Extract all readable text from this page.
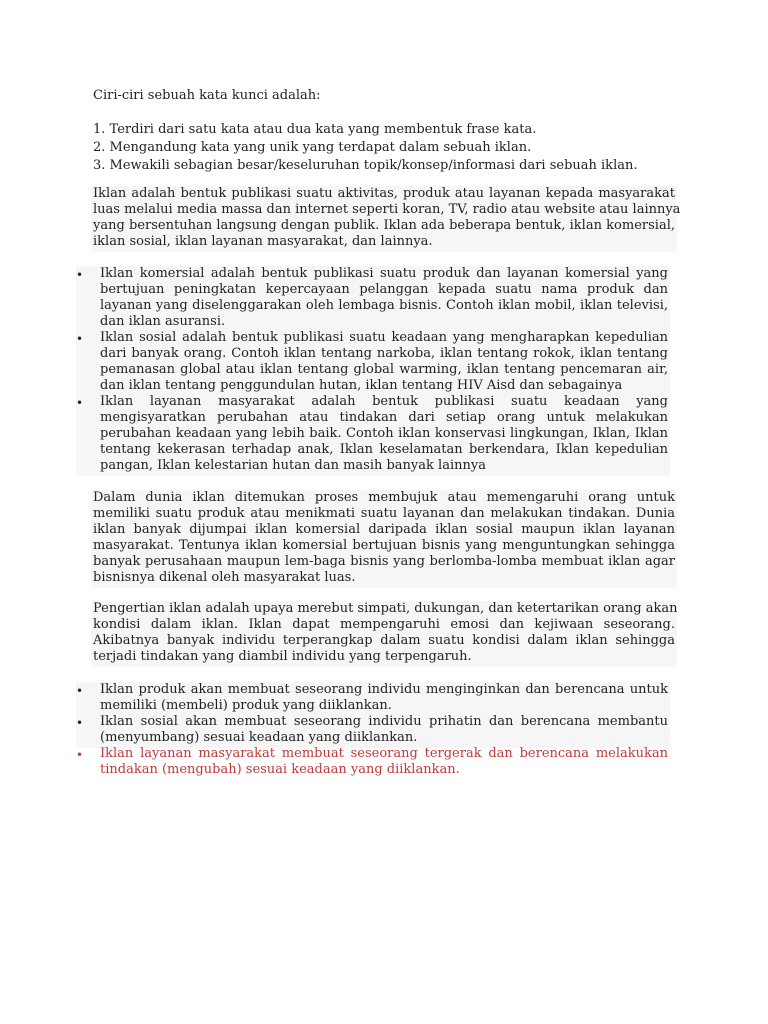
Ciri-ciri sebuah kata kunci adalah:
1. Terdiri dari satu kata atau dua kata yang membentuk frase kata.
2. Mengandung kata yang unik yang terdapat dalam sebuah iklan.
3. Mewakili sebagian besar/keseluruhan topik/konsep/informasi dari sebuah iklan.
Iklan adalah bentuk publikasi suatu aktivitas, produk atau layanan kepada masyarakat
luas melalui media massa dan internet seperti koran, TV, radio atau website atau lainnya
yang bersentuhan langsung dengan publik. Iklan ada beberapa bentuk, iklan komersial,
iklan sosial, iklan layanan masyarakat, dan lainnya.
• Iklan komersial adalah bentuk publikasi suatu produk dan layanan komersial yang
bertujuan peningkatan kepercayaan pelanggan kepada suatu nama produk dan
layanan yang diselenggarakan oleh lembaga bisnis. Contoh iklan mobil, iklan televisi,
dan iklan asuransi.
• Iklan sosial adalah bentuk publikasi suatu keadaan yang mengharapkan kepedulian
dari banyak orang. Contoh iklan tentang narkoba, iklan tentang rokok, iklan tentang
pemanasan global atau iklan tentang global warming, iklan tentang pencemaran air,
dan iklan tentang penggundulan hutan, iklan tentang HIV Aisd dan sebagainya
• Iklan layanan masyarakat adalah bentuk publikasi suatu keadaan yang
mengisyaratkan perubahan atau tindakan dari setiap orang untuk melakukan
perubahan keadaan yang lebih baik. Contoh iklan konservasi lingkungan, Iklan, Iklan
tentang kekerasan terhadap anak, Iklan keselamatan berkendara, Iklan kepedulian
pangan, Iklan kelestarian hutan dan masih banyak lainnya
Dalam dunia iklan ditemukan proses membujuk atau memengaruhi orang untuk
memiliki suatu produk atau menikmati suatu layanan dan melakukan tindakan. Dunia
iklan banyak dijumpai iklan komersial daripada iklan sosial maupun iklan layanan
masyarakat. Tentunya iklan komersial bertujuan bisnis yang menguntungkan sehingga
banyak perusahaan maupun lem-baga bisnis yang berlomba-lomba membuat iklan agar
bisnisnya dikenal oleh masyarakat luas.
Pengertian iklan adalah upaya merebut simpati, dukungan, dan ketertarikan orang akan
kondisi dalam iklan. Iklan dapat mempengaruhi emosi dan kejiwaan seseorang.
Akibatnya banyak individu terperangkap dalam suatu kondisi dalam iklan sehingga
terjadi tindakan yang diambil individu yang terpengaruh.
• Iklan produk akan membuat seseorang individu menginginkan dan berencana untuk
memiliki (membeli) produk yang diiklankan.
• Iklan sosial akan membuat seseorang individu prihatin dan berencana membantu
(menyumbang) sesuai keadaan yang diiklankan.
• Iklan layanan masyarakat membuat seseorang tergerak dan berencana melakukan
tindakan (mengubah) sesuai keadaan yang diiklankan.
